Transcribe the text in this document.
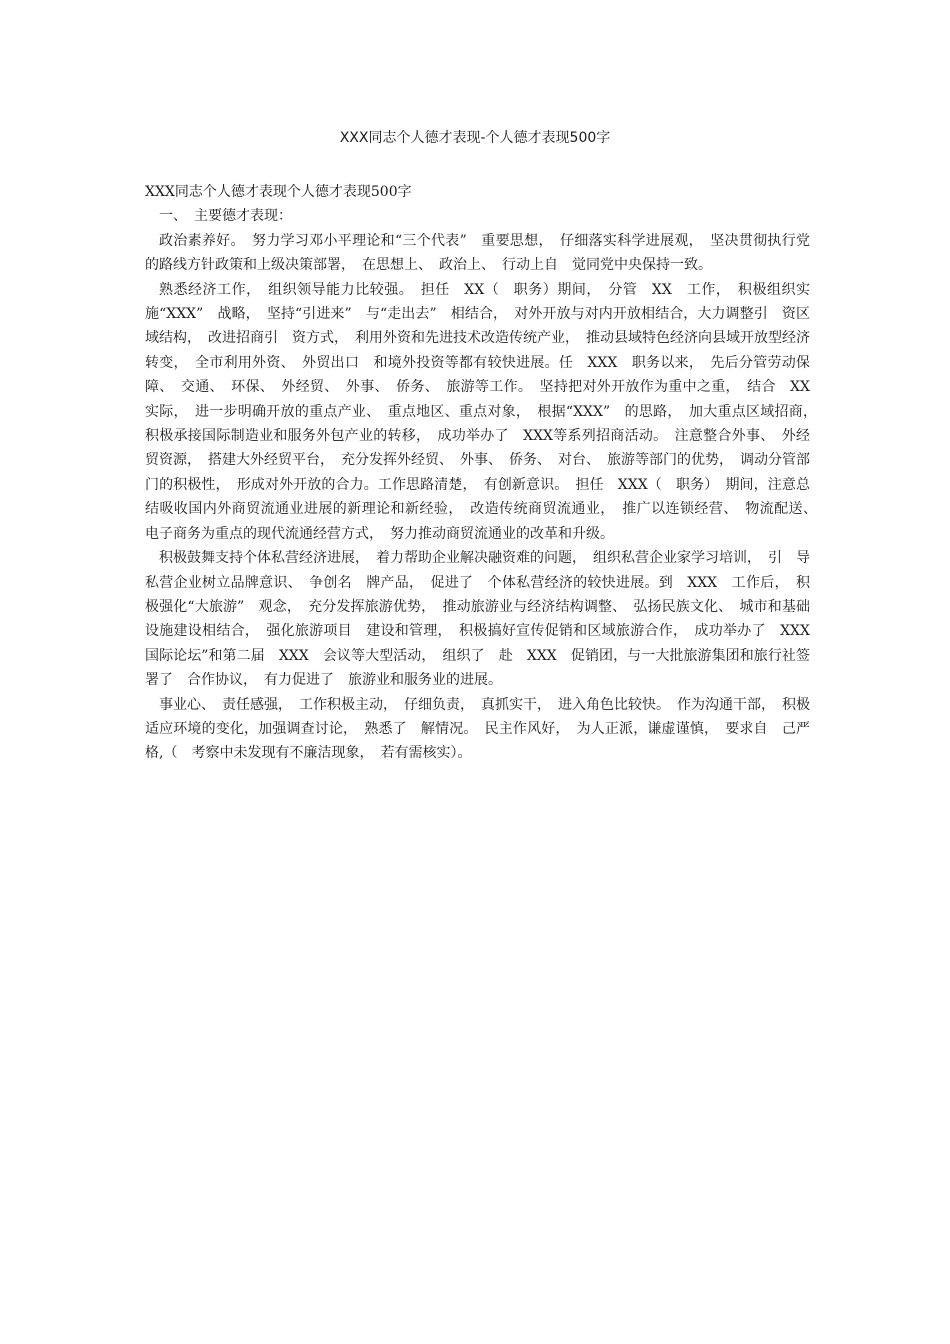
XXX同志个人德才表现-个人德才表现500字

XXX同志个人德才表现个人德才表现500字

一、　主要德才表现：

政治素养好。　努力学习邓小平理论和“三个代表”　重要思想，　仔细落实科学进展观，　坚决贯彻执行党的路线方针政策和上级决策部署，　在思想上、　政治上、　行动上自　觉同党中央保持一致。

熟悉经济工作，　组织领导能力比较强。　担任　XX（　职务）期间，　分管　XX　工作，　积极组织实施“XXX”　战略，　坚持“引进来”　与“走出去”　相结合，　对外开放与对内开放相结合，大力调整引　资区域结构，　改进招商引　资方式，　利用外资和先进技术改造传统产业，　推动县域特色经济向县域开放型经济转变，　全市利用外资、　外贸出口　和境外投资等都有较快进展。任　XXX　职务以来，　先后分管劳动保障、　交通、　环保、　外经贸、　外事、　侨务、　旅游等工作。　坚持把对外开放作为重中之重，　结合　XX　实际，　进一步明确开放的重点产业、　重点地区、重点对象，　根据“XXX”　的思路，　加大重点区域招商，　积极承接国际制造业和服务外包产业的转移，　成功举办了　XXX等系列招商活动。　注意整合外事、　外经贸资源，　搭建大外经贸平台，　充分发挥外经贸、　外事、　侨务、　对台、　旅游等部门的优势，　调动分管部门的积极性，　形成对外开放的合力。工作思路清楚，　有创新意识。　担任　XXX（　职务）　期间，注意总结吸收国内外商贸流通业进展的新理论和新经验，　改造传统商贸流通业，　推广以连锁经营、　物流配送、　电子商务为重点的现代流通经营方式，　努力推动商贸流通业的改革和升级。

积极鼓舞支持个体私营经济进展，　着力帮助企业解决融资难的问题，　组织私营企业家学习培训，　引　导私营企业树立品牌意识、　争创名　牌产品，　促进了　个体私营经济的较快进展。到　XXX　工作后，　积极强化“大旅游”　观念，　充分发挥旅游优势，　推动旅游业与经济结构调整、　弘扬民族文化、　城市和基础设施建设相结合，　强化旅游项目　建设和管理，　积极搞好宣传促销和区域旅游合作，　成功举办了　XXX　国际论坛”和第二届　XXX　会议等大型活动，　组织了　赴　XXX　促销团，与一大批旅游集团和旅行社签署了　合作协议，　有力促进了　旅游业和服务业的进展。

事业心、　责任感强，　工作积极主动，　仔细负责，　真抓实干，　进入角色比较快。　作为沟通干部，　积极适应环境的变化，加强调查讨论，　熟悉了　解情况。　民主作风好，　为人正派，谦虚谨慎，　要求自　己严格,（　考察中未发现有不廉洁现象，　若有需核实）。
